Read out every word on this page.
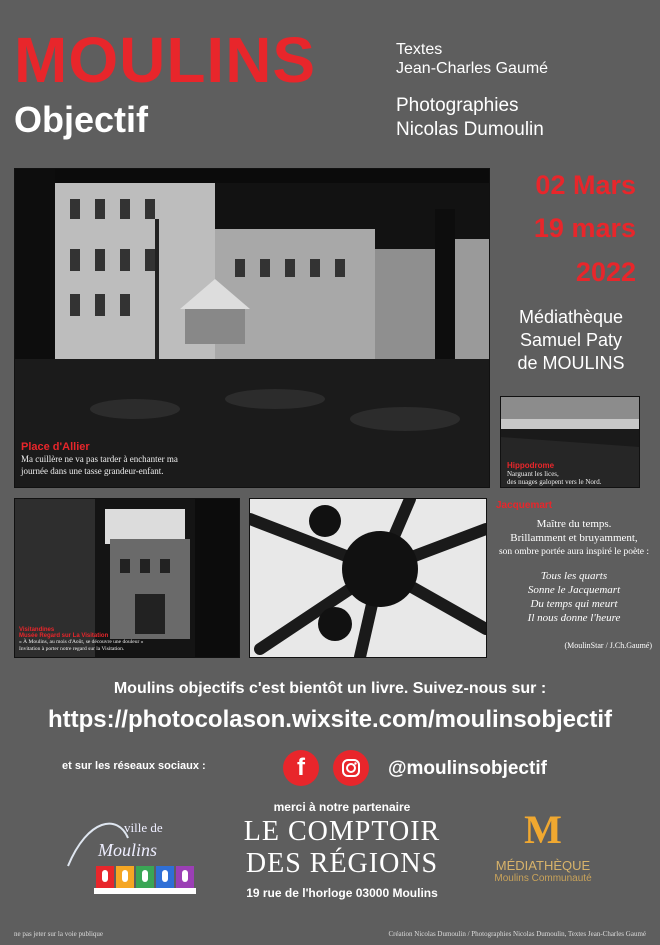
MOULINS
Objectif
Textes
Jean-Charles Gaumé
Photographies
Nicolas Dumoulin
02 Mars
19 mars
2022
Médiathèque
Samuel Paty
de MOULINS
Place d'Allier
Ma cuillère ne va pas tarder à enchanter ma
journée dans une tasse grandeur-enfant.
Hippodrome
Narguant les lices,
des nuages galopent vers le Nord.
Visitandines
Musée Regard sur La Visitation
« À Moulins, au mois d'Août, se découvre une douleur »
Invitation à porter notre regard sur la Visitation.
Jacquemart
Maître du temps.
Brillamment et bruyamment,
son ombre portée aura inspiré le poète :
Tous les quarts
Sonne le Jacquemart
Du temps qui meurt
Il nous donne l'heure
(MoulinStar / J.Ch.Gaumé)
Moulins objectifs c'est bientôt un livre. Suivez-nous sur :
https://photocolason.wixsite.com/moulinsobjectif
et sur les réseaux sociaux :	f	@moulinsobjectif
merci à notre partenaire
LE COMPTOIR
DES RÉGIONS
19 rue de l'horloge 03000 Moulins
ville de
Moulins	M
MÉDIATHÈQUE
Moulins Communauté
ne pas jeter sur la voie publique	Création Nicolas Dumoulin / Photographies Nicolas Dumoulin, Textes Jean-Charles Gaumé
